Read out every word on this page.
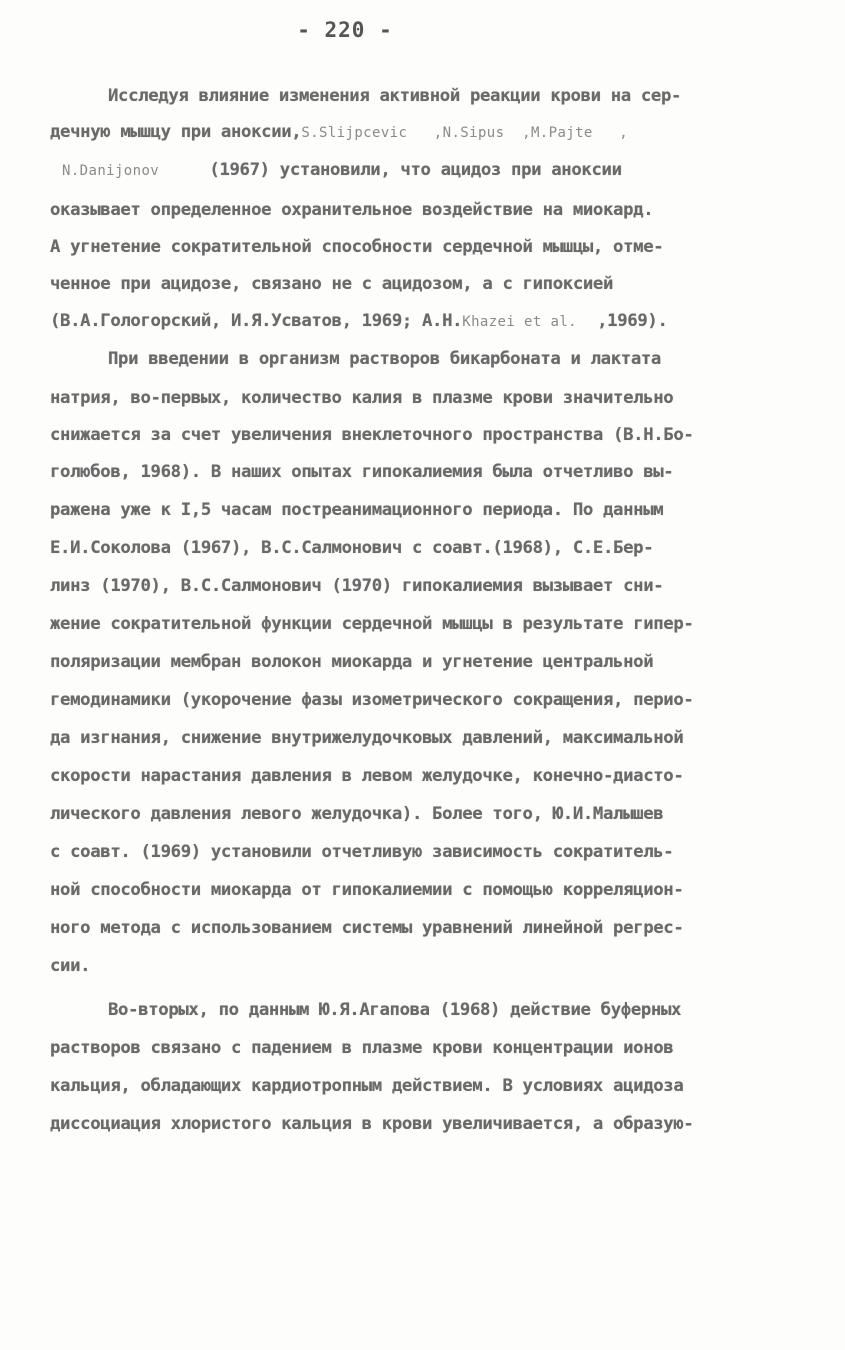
- 220 -
Исследуя влияние изменения активной реакции крови на сер-
дечную мышцу при аноксии,S.Slijpcevic   ,N.Sipus  ,M.Pajte   ,
N.Danijonov     (1967) установили, что ацидоз при аноксии
оказывает определенное охранительное воздействие на миокард.
А угнетение сократительной способности сердечной мышцы, отме-
ченное при ацидозе, связано не с ацидозом, а с гипоксией
(В.А.Гологорский, И.Я.Усватов, 1969; А.Н.Khazei et al.  ,1969).
При введении в организм растворов бикарбоната и лактата
натрия, во-первых, количество калия в плазме крови значительно
снижается за счет увеличения внеклеточного пространства (В.Н.Бо-
голюбов, 1968). В наших опытах гипокалиемия была отчетливо вы-
ражена уже к I,5 часам постреанимационного периода. По данным
Е.И.Соколова (1967), В.С.Салмонович с соавт.(1968), С.Е.Бер-
линз (1970), В.С.Салмонович (1970) гипокалиемия вызывает сни-
жение сократительной функции сердечной мышцы в результате гипер-
поляризации мембран волокон миокарда и угнетение центральной
гемодинамики (укорочение фазы изометрического сокращения, перио-
да изгнания, снижение внутрижелудочковых давлений, максимальной
скорости нарастания давления в левом желудочке, конечно-диасто-
лического давления левого желудочка). Более того, Ю.И.Малышев
с соавт. (1969) установили отчетливую зависимость сократитель-
ной способности миокарда от гипокалиемии с помощью корреляцион-
ного метода с использованием системы уравнений линейной регрес-
сии.
Во-вторых, по данным Ю.Я.Агапова (1968) действие буферных
растворов связано с падением в плазме крови концентрации ионов
кальция, обладающих кардиотропным действием. В условиях ацидоза
диссоциация хлористого кальция в крови увеличивается, а образую-
